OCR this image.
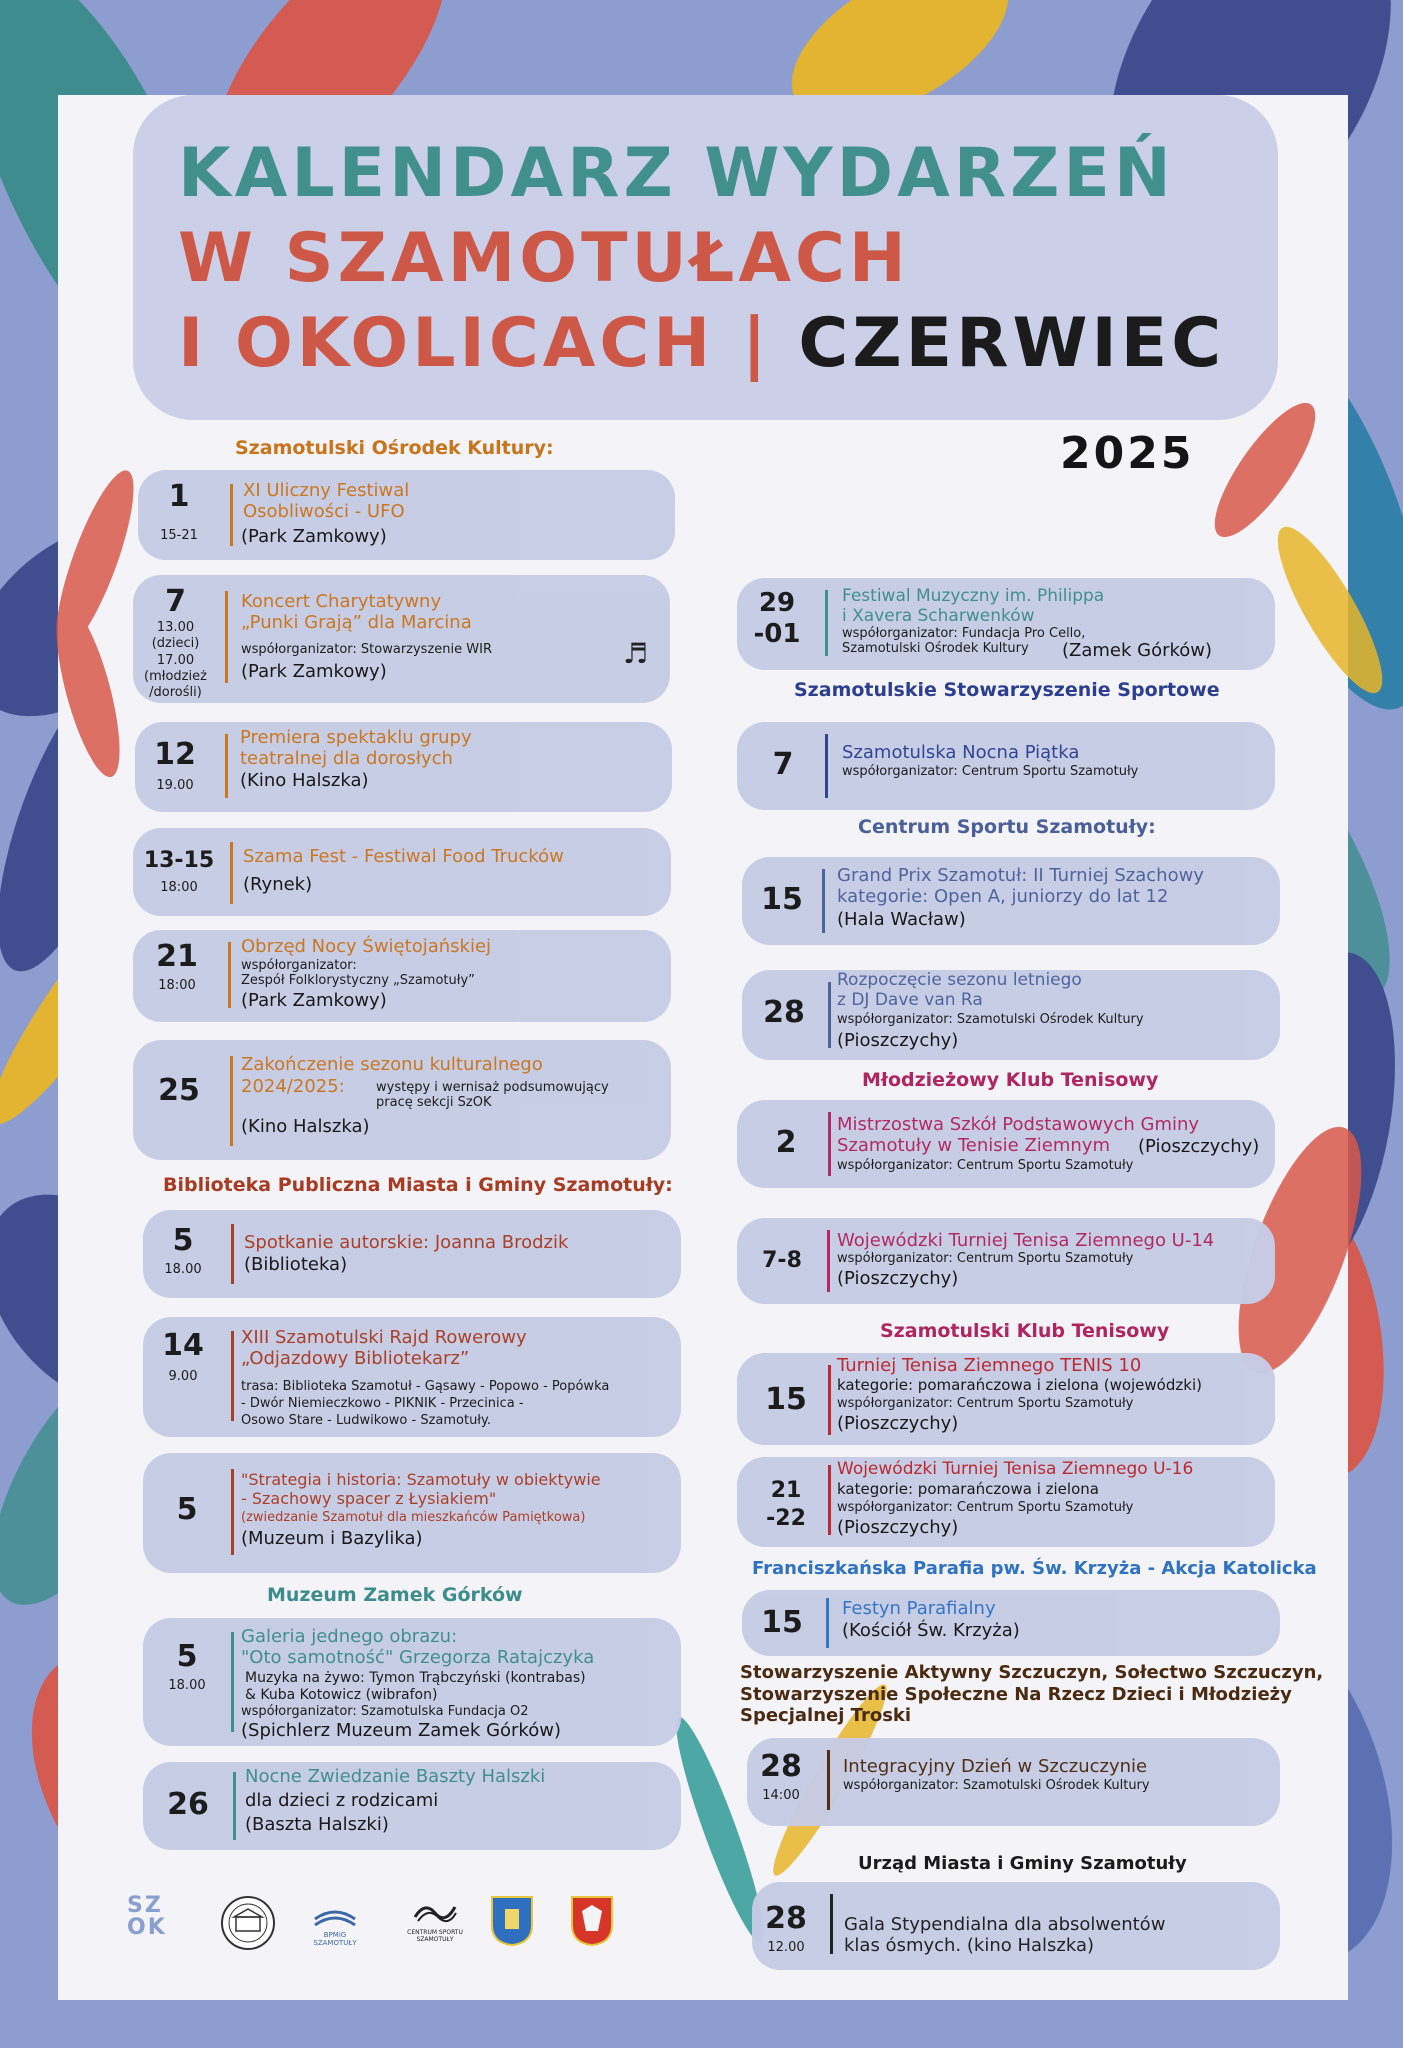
KALENDARZ WYDARZEŃ
W SZAMOTUŁACH
I OKOLICACH | CZERWIEC
2025
Szamotulski Ośrodek Kultury:
1
15-21
XI Uliczny Festiwal
Osobliwości - UFO
(Park Zamkowy)
7
13.00
(dzieci)
17.00
(młodzież
/dorośli)
Koncert Charytatywny
„Punki Grają” dla Marcina
współorganizator: Stowarzyszenie WIR
(Park Zamkowy)
♬
12
19.00
Premiera spektaklu grupy
teatralnej dla dorosłych
(Kino Halszka)
13-15
18:00
Szama Fest - Festiwal Food Trucków
(Rynek)
21
18:00
Obrzęd Nocy Świętojańskiej
współorganizator:
Zespół Folklorystyczny „Szamotuły”
(Park Zamkowy)
25
Zakończenie sezonu kulturalnego
2024/2025: występy i wernisaż podsumowujący
pracę sekcji SzOK
(Kino Halszka)
Biblioteka Publiczna Miasta i Gminy Szamotuły:
5
18.00
Spotkanie autorskie: Joanna Brodzik
(Biblioteka)
14
9.00
XIII Szamotulski Rajd Rowerowy
„Odjazdowy Bibliotekarz”
trasa: Biblioteka Szamotuł - Gąsawy - Popowo - Popówka
- Dwór Niemieczkowo - PIKNIK - Przecinica -
Osowo Stare - Ludwikowo - Szamotuły.
5
"Strategia i historia: Szamotuły w obiektywie
- Szachowy spacer z Łysiakiem"
(zwiedzanie Szamotuł dla mieszkańców Pamiętkowa)
(Muzeum i Bazylika)
Muzeum Zamek Górków
5
18.00
Galeria jednego obrazu:
"Oto samotność" Grzegorza Ratajczyka
Muzyka na żywo: Tymon Trąbczyński (kontrabas)
& Kuba Kotowicz (wibrafon)
współorganizator: Szamotulska Fundacja O2
(Spichlerz Muzeum Zamek Górków)
26
Nocne Zwiedzanie Baszty Halszki
dla dzieci z rodzicami
(Baszta Halszki)
29
-01
Festiwal Muzyczny im. Philippa
i Xavera Scharwenków
współorganizator: Fundacja Pro Cello,
Szamotulski Ośrodek Kultury	(Zamek Górków)
Szamotulskie Stowarzyszenie Sportowe
7	Szamotulska Nocna Piątka
współorganizator: Centrum Sportu Szamotuły
Centrum Sportu Szamotuły:
15
Grand Prix Szamotuł: II Turniej Szachowy
kategorie: Open A, juniorzy do lat 12
(Hala Wacław)
28
Rozpoczęcie sezonu letniego
z DJ Dave van Ra
współorganizator: Szamotulski Ośrodek Kultury
(Pioszczychy)
Młodzieżowy Klub Tenisowy
2
Mistrzostwa Szkół Podstawowych Gminy
Szamotuły w Tenisie Ziemnym	(Pioszczychy)
współorganizator: Centrum Sportu Szamotuły
7-8
Wojewódzki Turniej Tenisa Ziemnego U-14
współorganizator: Centrum Sportu Szamotuły
(Pioszczychy)
Szamotulski Klub Tenisowy
15
Turniej Tenisa Ziemnego TENIS 10
kategorie: pomarańczowa i zielona (wojewódzki)
współorganizator: Centrum Sportu Szamotuły
(Pioszczychy)
21
-22
Wojewódzki Turniej Tenisa Ziemnego U-16
kategorie: pomarańczowa i zielona
współorganizator: Centrum Sportu Szamotuły
(Pioszczychy)
Franciszkańska Parafia pw. Św. Krzyża - Akcja Katolicka
15	Festyn Parafialny
(Kościół Św. Krzyża)
Stowarzyszenie Aktywny Szczuczyn, Sołectwo Szczuczyn,
Stowarzyszenie Społeczne Na Rzecz Dzieci i Młodzieży
Specjalnej Troski
28
14:00
Integracyjny Dzień w Szczuczynie
współorganizator: Szamotulski Ośrodek Kultury
Urząd Miasta i Gminy Szamotuły
28
12.00
Gala Stypendialna dla absolwentów
klas ósmych. (kino Halszka)
SZOK	BPMiG SZAMOTUŁY
CENTRUM SPORTU SZAMOTUŁY
